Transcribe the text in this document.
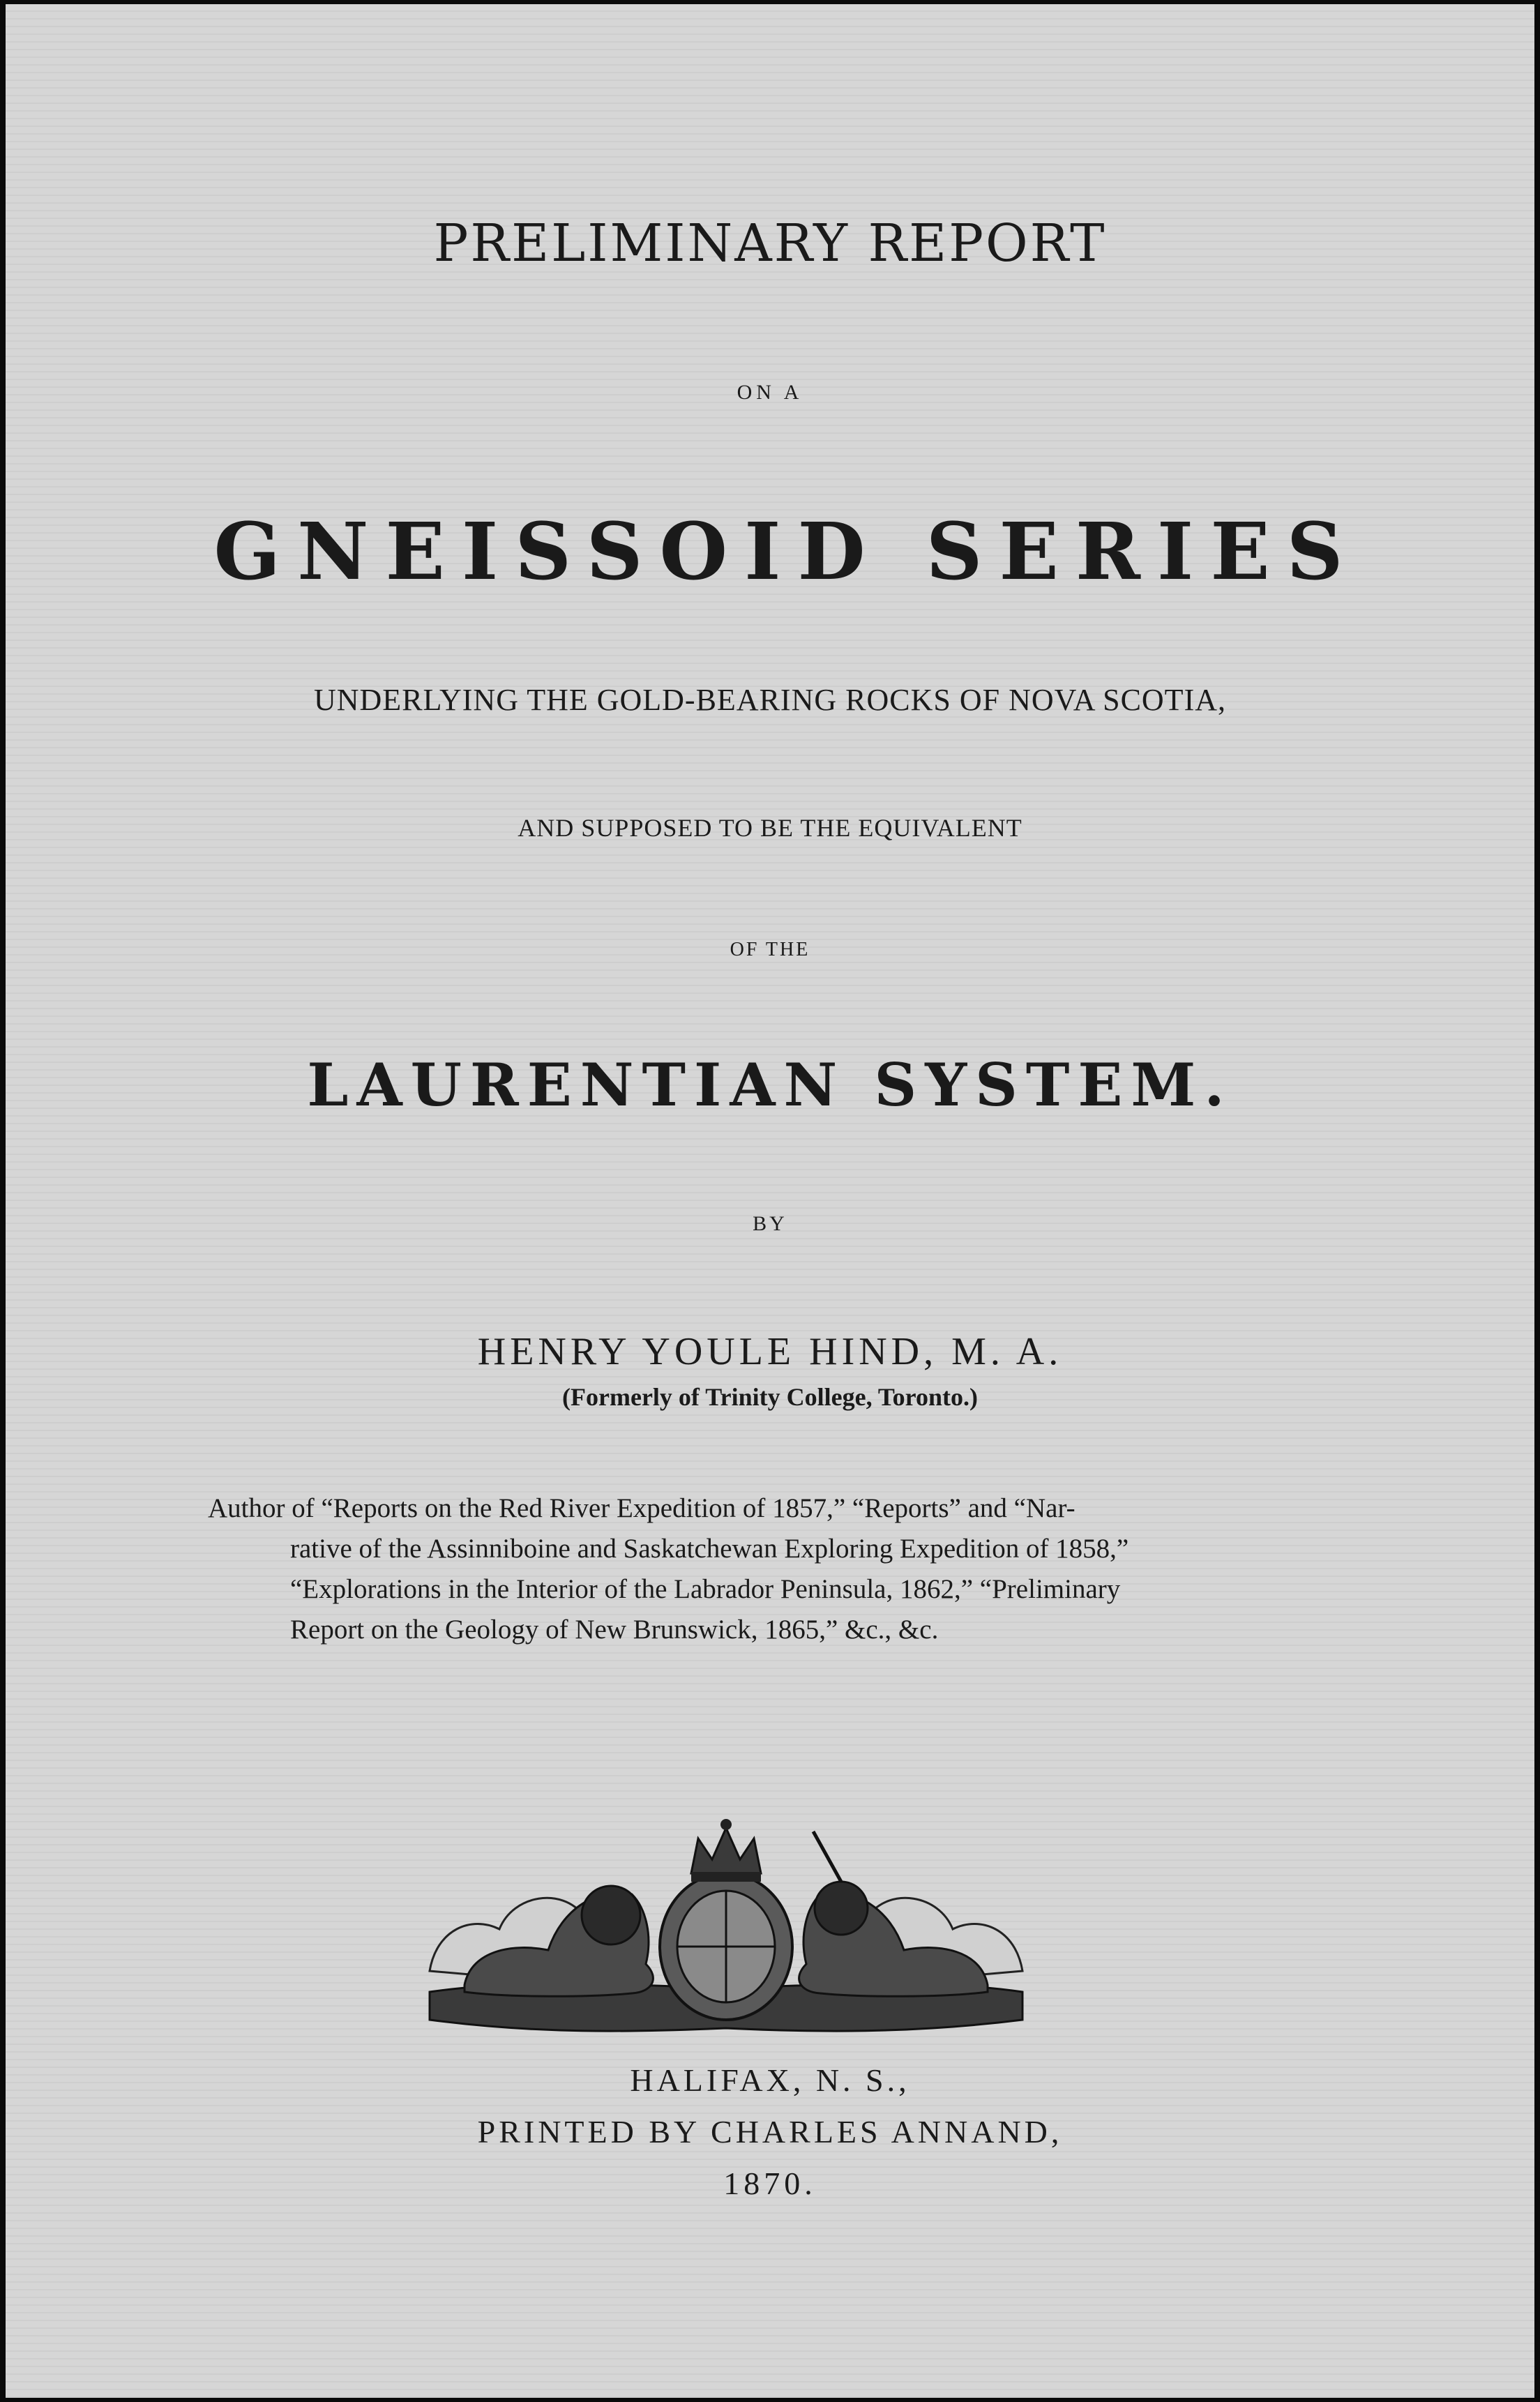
PRELIMINARY REPORT
ON A
GNEISSOID SERIES
UNDERLYING THE GOLD-BEARING ROCKS OF NOVA SCOTIA,
AND SUPPOSED TO BE THE EQUIVALENT
OF THE
LAURENTIAN SYSTEM.
BY
HENRY YOULE HIND, M. A.
(Formerly of Trinity College, Toronto.)
Author of “Reports on the Red River Expedition of 1857,” “Reports” and “Nar-
rative of the Assinniboine and Saskatchewan Exploring Expedition of 1858,”
“Explorations in the Interior of the Labrador Peninsula, 1862,” “Preliminary
Report on the Geology of New Brunswick, 1865,” &c., &c.
HALIFAX, N. S.,
PRINTED BY CHARLES ANNAND,
1870.
